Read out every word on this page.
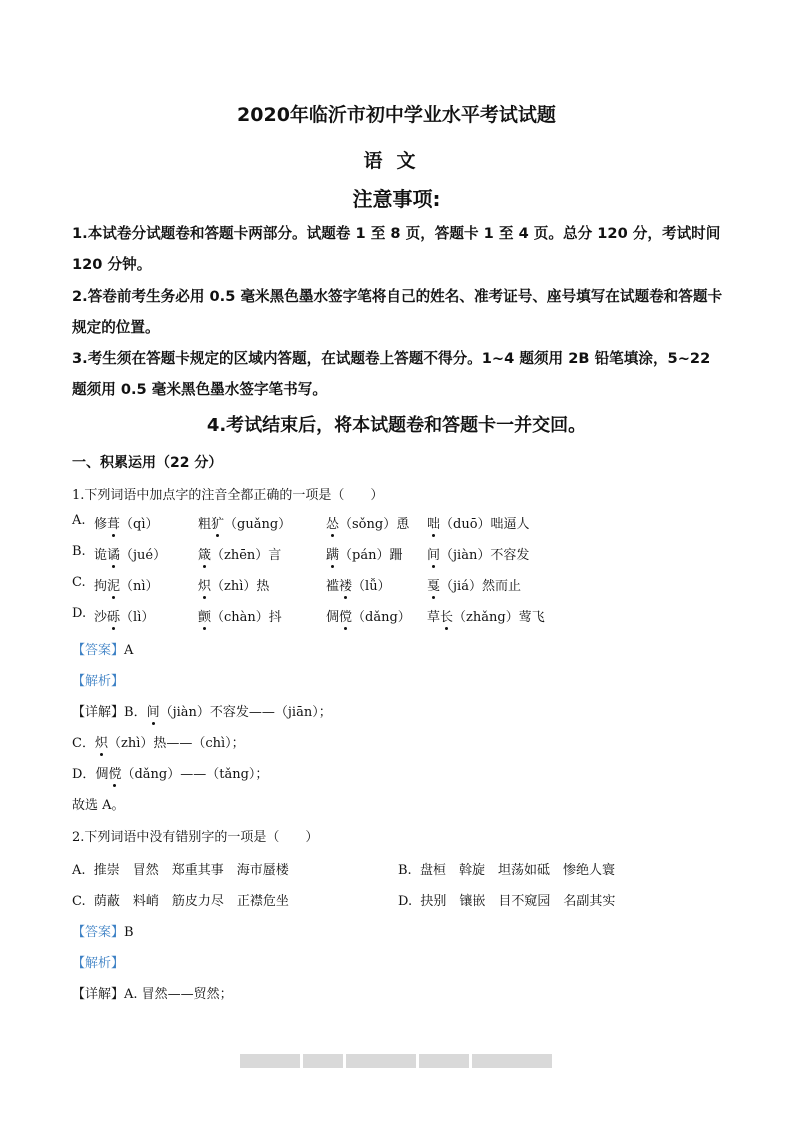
2020年临沂市初中学业水平考试试题
语文
注意事项:
1.本试卷分试题卷和答题卡两部分。试题卷 1 至 8 页，答题卡 1 至 4 页。总分 120 分，考试时间 120 分钟。
2.答卷前考生务必用 0.5 毫米黑色墨水签字笔将自己的姓名、准考证号、座号填写在试题卷和答题卡规定的位置。
3.考生须在答题卡规定的区域内答题，在试题卷上答题不得分。1~4 题须用 2B 铅笔填涂，5~22 题须用 0.5 毫米黑色墨水签字笔书写。
4.考试结束后，将本试题卷和答题卡一并交回。
一、积累运用（22 分）
1.下列词语中加点字的注音全都正确的一项是（　　）
A. 修葺（qì）	粗犷（guǎng）	怂（sǒng）恿 咄（duō）咄逼人
B. 诡谲（jué） 箴（zhēn）言	蹒（pán）跚 间（jiàn）不容发
C. 拘泥（nì）	炽（zhì）热	褴褛（lǚ）	戛（jiá）然而止
D. 沙砾（lì）	颤（chàn）抖	倜傥（dǎng） 草长（zhǎng）莺飞
【答案】A
【解析】
【详解】B．间（jiàn）不容发——（jiān）；
C．炽（zhì）热——（chì）；
D．倜傥（dǎng）——（tǎng）；
故选 A。
2.下列词语中没有错别字的一项是（　　）
A. 推崇　冒然　郑重其事　海市蜃楼	B. 盘桓　斡旋　坦荡如砥　惨绝人寰
C. 荫蔽　料峭　筋皮力尽　正襟危坐	D. 抉别　镶嵌　目不窥园　名副其实
【答案】B
【解析】
【详解】A. 冒然——贸然；
